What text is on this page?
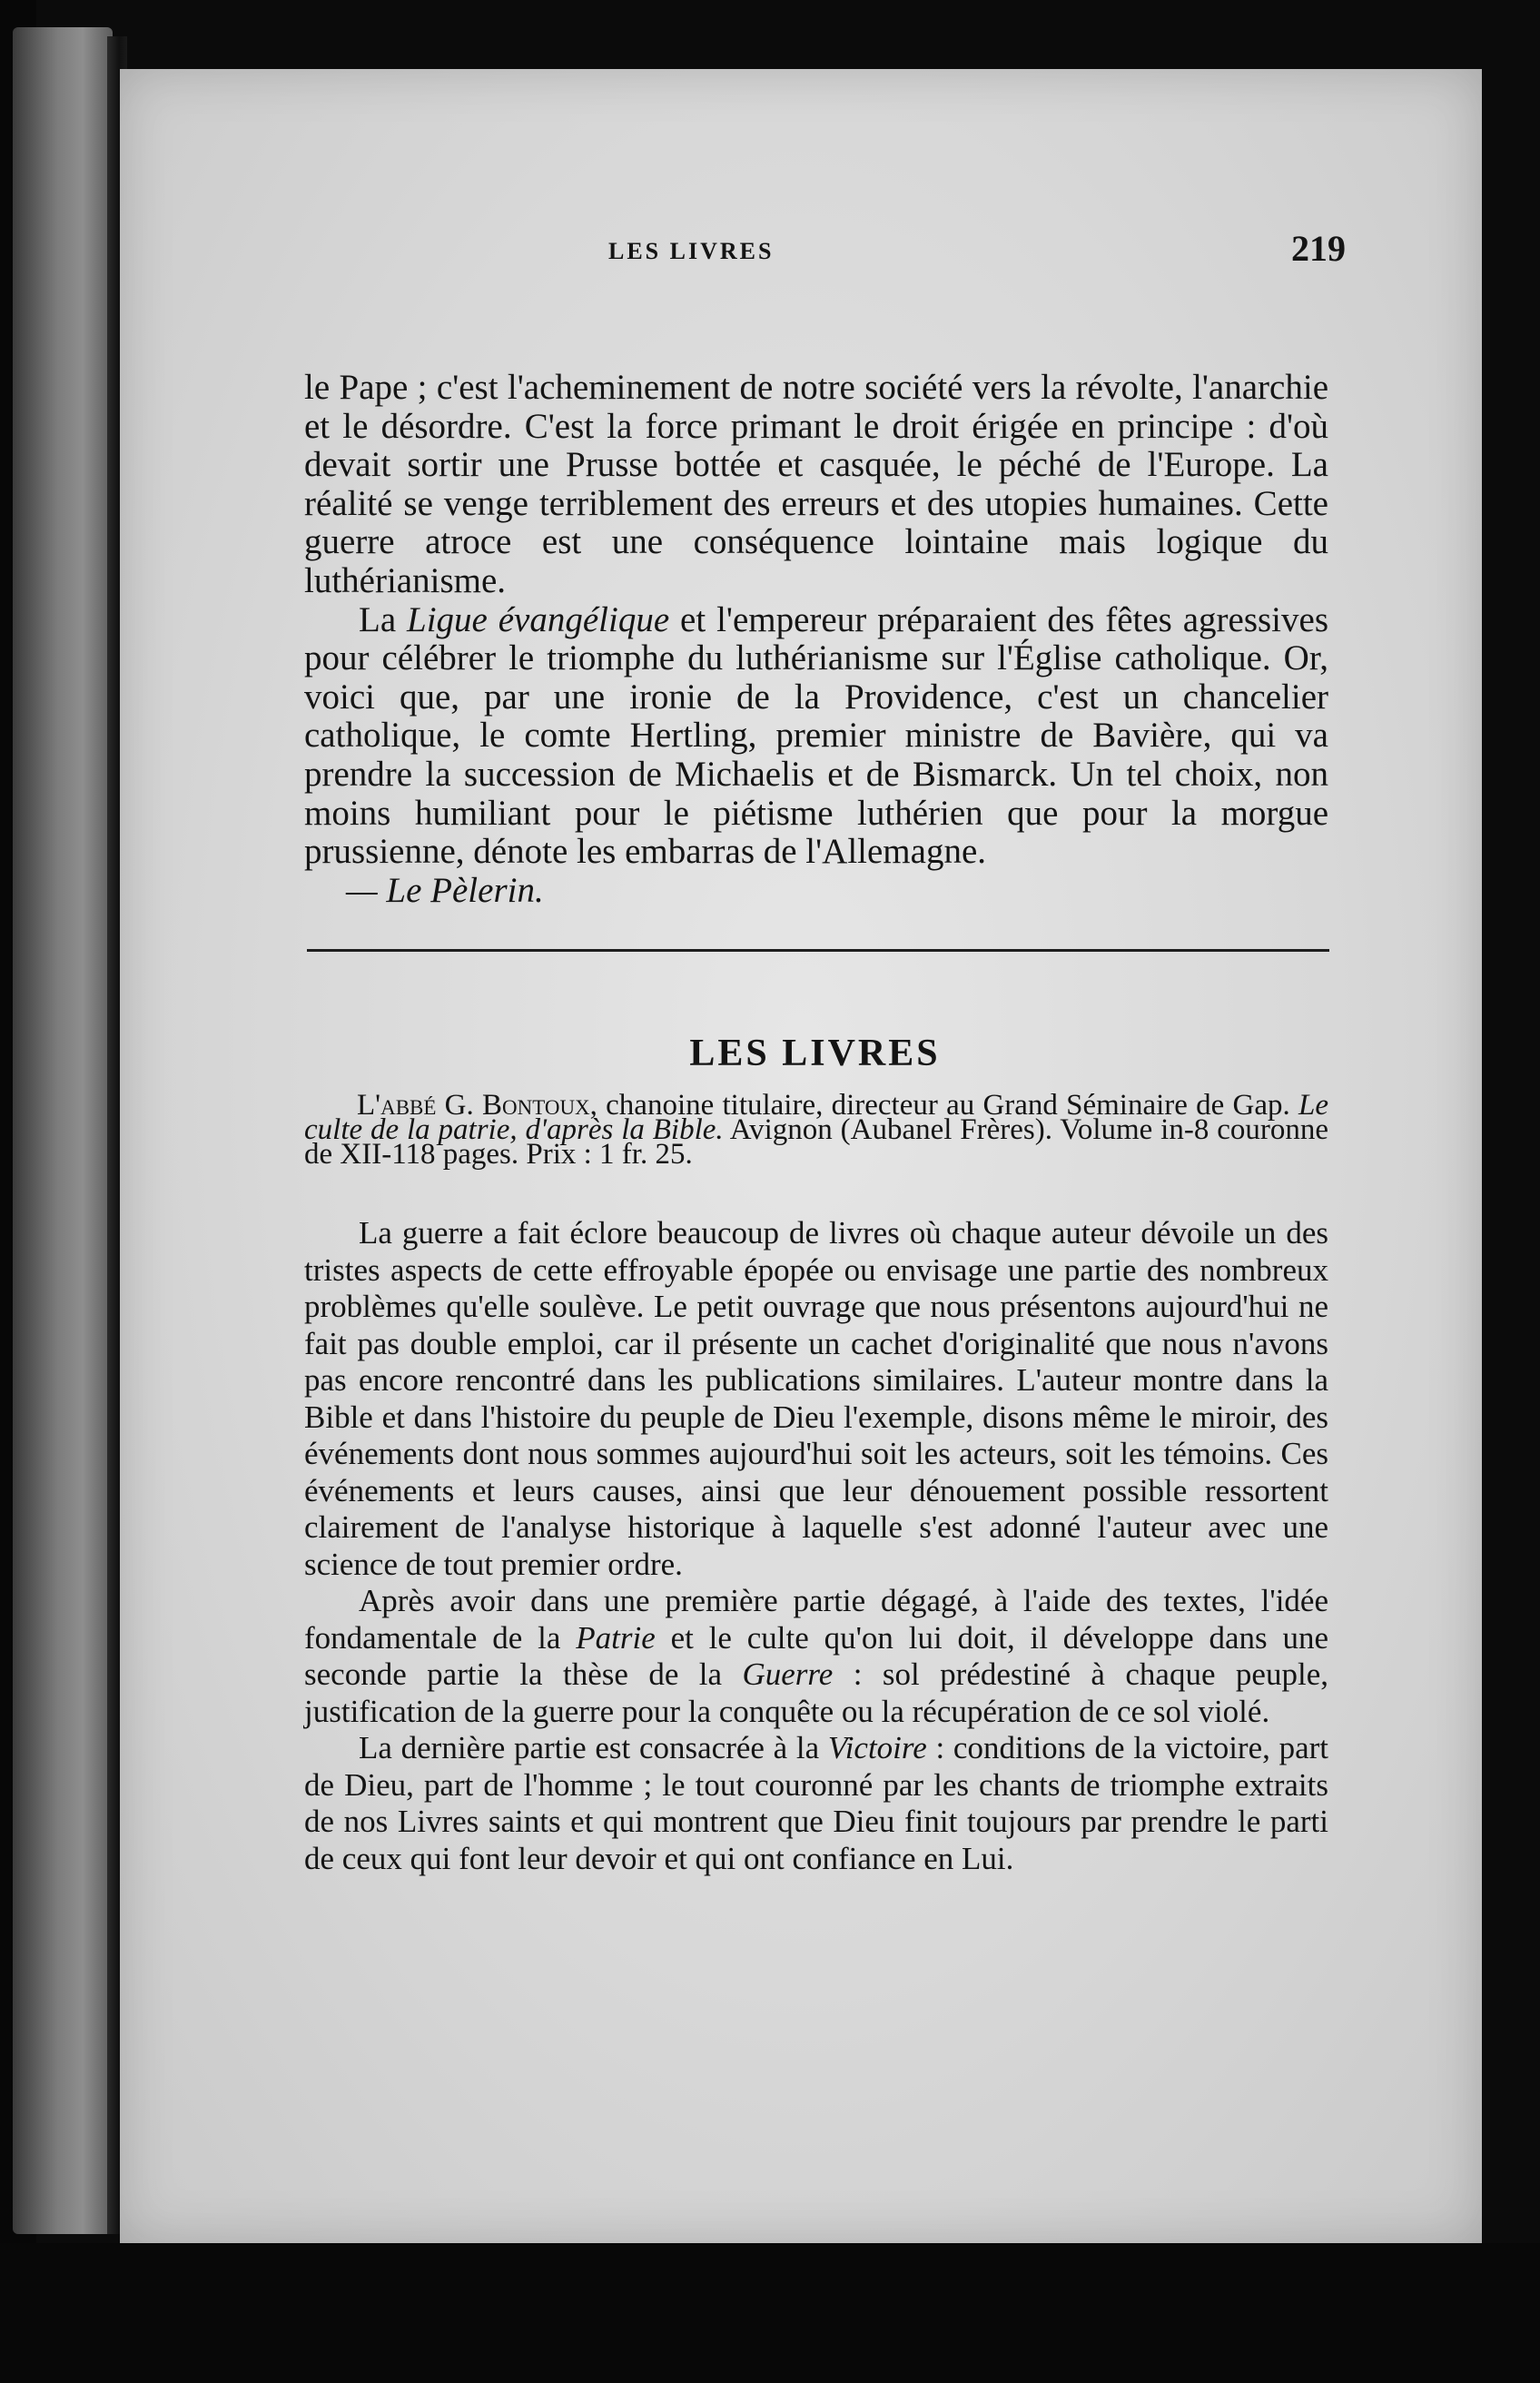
LES LIVRES	219

le Pape ; c'est l'acheminement de notre société vers la révolte, l'anarchie et le désordre. C'est la force primant le droit érigée en principe : d'où devait sortir une Prusse bottée et casquée, le péché de l'Europe. La réalité se venge terriblement des erreurs et des utopies humaines. Cette guerre atroce est une conséquence lointaine mais logique du luthérianisme.

La Ligue évangélique et l'empereur préparaient des fêtes agressives pour célébrer le triomphe du luthérianisme sur l'Église catholique. Or, voici que, par une ironie de la Providence, c'est un chancelier catholique, le comte Hertling, premier ministre de Bavière, qui va prendre la succession de Michaelis et de Bismarck. Un tel choix, non moins humiliant pour le piétisme luthérien que pour la morgue prussienne, dénote les embarras de l'Allemagne.

— Le Pèlerin.

LES LIVRES

L'abbé G. Bontoux, chanoine titulaire, directeur au Grand Séminaire de Gap. Le culte de la patrie, d'après la Bible. Avignon (Aubanel Frères). Volume in-8 couronne de XII-118 pages. Prix : 1 fr. 25.

La guerre a fait éclore beaucoup de livres où chaque auteur dévoile un des tristes aspects de cette effroyable épopée ou envisage une partie des nombreux problèmes qu'elle soulève. Le petit ouvrage que nous présentons aujourd'hui ne fait pas double emploi, car il présente un cachet d'originalité que nous n'avons pas encore rencontré dans les publications similaires. L'auteur montre dans la Bible et dans l'histoire du peuple de Dieu l'exemple, disons même le miroir, des événements dont nous sommes aujourd'hui soit les acteurs, soit les témoins. Ces événements et leurs causes, ainsi que leur dénouement possible ressortent clairement de l'analyse historique à laquelle s'est adonné l'auteur avec une science de tout premier ordre.

Après avoir dans une première partie dégagé, à l'aide des textes, l'idée fondamentale de la Patrie et le culte qu'on lui doit, il développe dans une seconde partie la thèse de la Guerre : sol prédestiné à chaque peuple, justification de la guerre pour la conquête ou la récupération de ce sol violé.

La dernière partie est consacrée à la Victoire : conditions de la victoire, part de Dieu, part de l'homme ; le tout couronné par les chants de triomphe extraits de nos Livres saints et qui montrent que Dieu finit toujours par prendre le parti de ceux qui font leur devoir et qui ont confiance en Lui.
